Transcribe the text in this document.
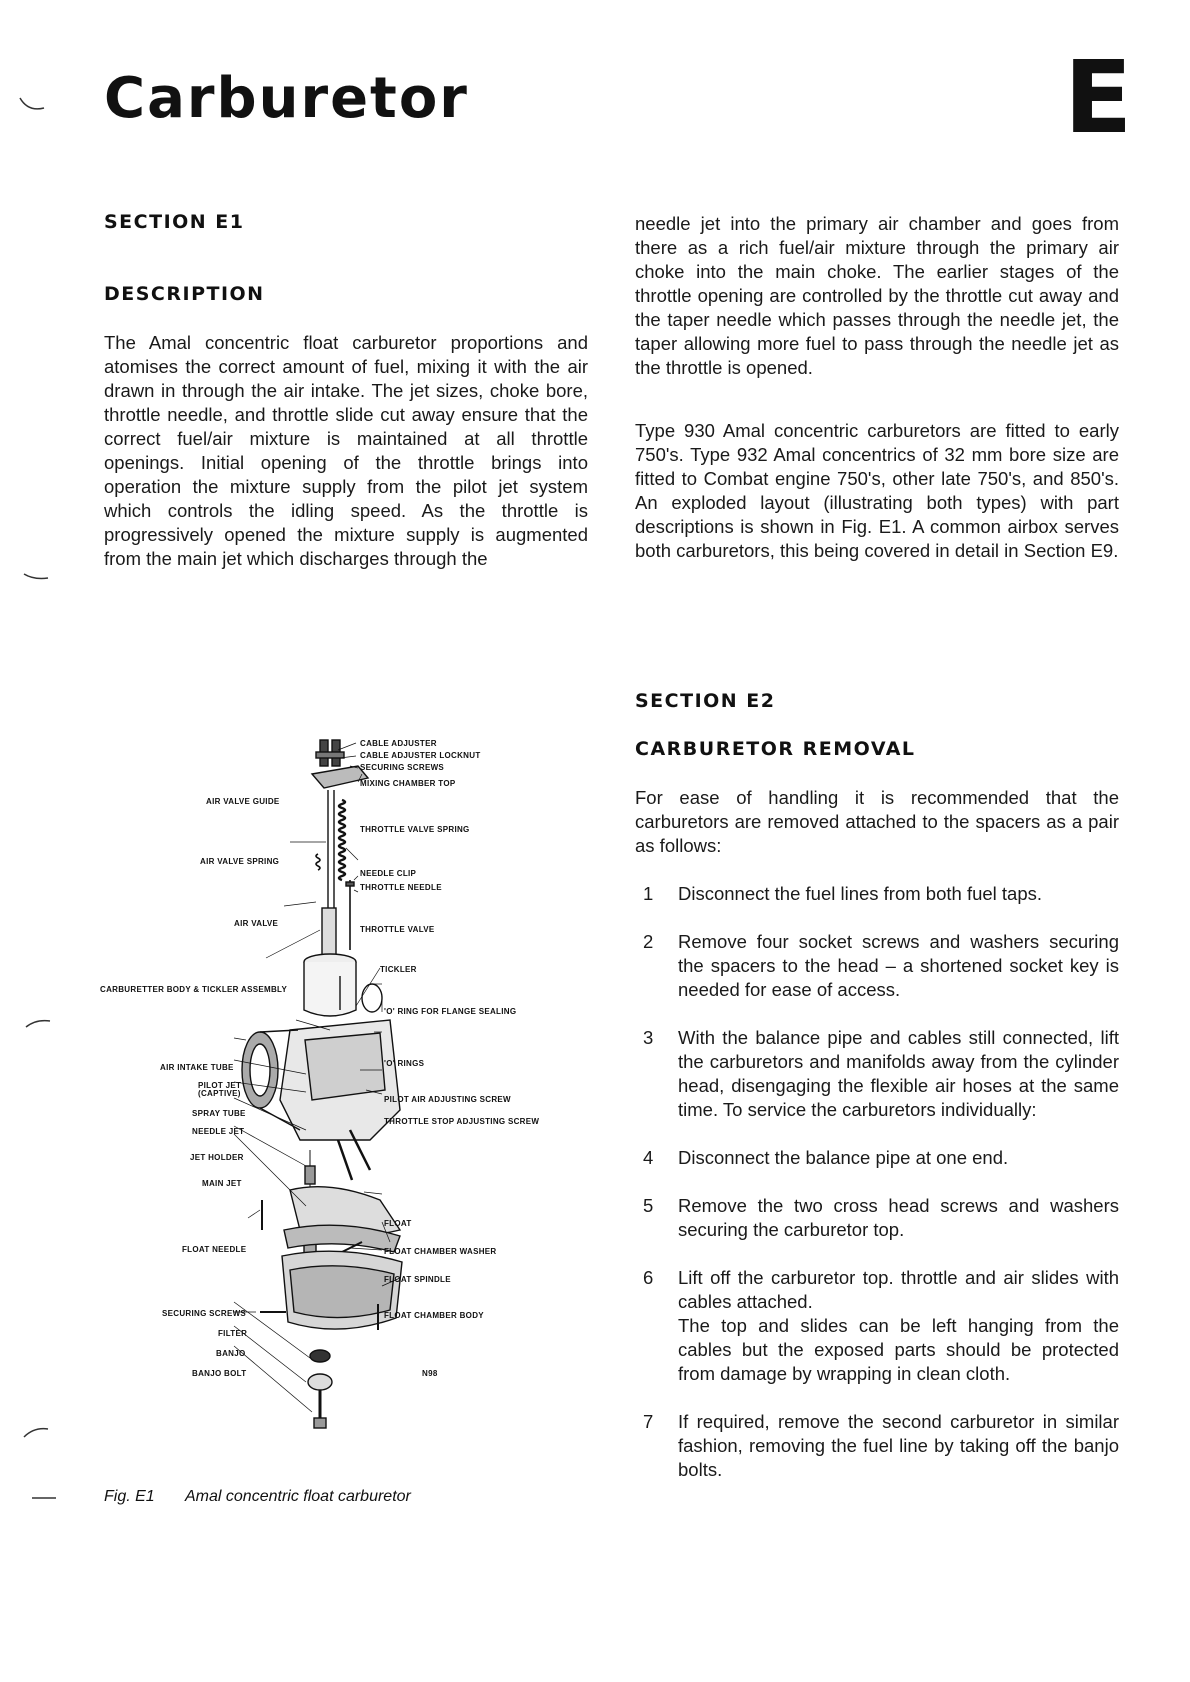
Carburetor	E
SECTION E1
DESCRIPTION

The Amal concentric float carburetor proportions and atomises the correct amount of fuel, mixing it with the air drawn in through the air intake. The jet sizes, choke bore, throttle needle, and throttle slide cut away ensure that the correct fuel/air mixture is maintained at all throttle openings. Initial opening of the throttle brings into operation the mixture supply from the pilot jet system which controls the idling speed. As the throttle is progressively opened the mixture supply is augmented from the main jet which discharges through the

needle jet into the primary air chamber and goes from there as a rich fuel/air mixture through the primary air choke into the main choke. The earlier stages of the throttle opening are controlled by the throttle cut away and the taper needle which passes through the needle jet, the taper allowing more fuel to pass through the needle jet as the throttle is opened.

Type 930 Amal concentric carburetors are fitted to early 750's. Type 932 Amal concentrics of 32 mm bore size are fitted to Combat engine 750's, other late 750's, and 850's. An exploded layout (illustrating both types) with part descriptions is shown in Fig. E1. A common airbox serves both carburetors, this being covered in detail in Section E9.

SECTION E2
CARBURETOR REMOVAL

For ease of handling it is recommended that the carburetors are removed attached to the spacers as a pair as follows:

1 Disconnect the fuel lines from both fuel taps.
2 Remove four socket screws and washers securing the spacers to the head – a shortened socket key is needed for ease of access.
3 With the balance pipe and cables still connected, lift the carburetors and manifolds away from the cylinder head, disengaging the flexible air hoses at the same time. To service the carburetors individually:
4 Disconnect the balance pipe at one end.
5 Remove the two cross head screws and washers securing the carburetor top.
6 Lift off the carburetor top. throttle and air slides with cables attached.
The top and slides can be left hanging from the cables but the exposed parts should be protected from damage by wrapping in clean cloth.
7 If required, remove the second carburetor in similar fashion, removing the fuel line by taking off the banjo bolts.
CABLE ADJUSTER
CABLE ADJUSTER LOCKNUT
SECURING SCREWS
MIXING CHAMBER TOP
AIR VALVE GUIDE
THROTTLE VALVE SPRING
AIR VALVE SPRING
NEEDLE CLIP
THROTTLE NEEDLE
AIR VALVE
THROTTLE VALVE
TICKLER
CARBURETTER BODY & TICKLER ASSEMBLY
'O' RING FOR FLANGE SEALING
AIR INTAKE TUBE	'O' RINGS
PILOT JET
(CAPTIVE)
PILOT AIR ADJUSTING SCREW
SPRAY TUBE
THROTTLE STOP ADJUSTING SCREW
NEEDLE JET
JET HOLDER
MAIN JET
FLOAT
FLOAT NEEDLE	FLOAT CHAMBER WASHER
FLOAT SPINDLE
SECURING SCREWS	FLOAT CHAMBER BODY
FILTER
BANJO
BANJO BOLT	N98
Fig. E1 Amal concentric float carburetor
